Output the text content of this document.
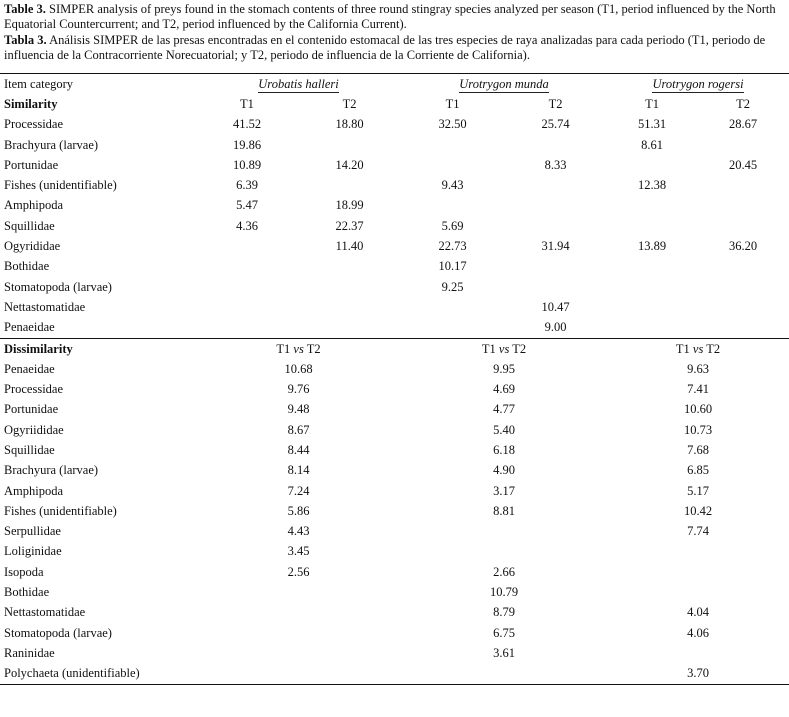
Table 3. SIMPER analysis of preys found in the stomach contents of three round stingray species analyzed per season (T1, period influenced by the North Equatorial Countercurrent; and T2, period influenced by the California Current).

Tabla 3. Análisis SIMPER de las presas encontradas en el contenido estomacal de las tres especies de raya analizadas para cada periodo (T1, periodo de influencia de la Contracorriente Norecuatorial; y T2, periodo de influencia de la Corriente de California).

Item category	Urobatis halleri		Urotrygon munda		Urotrygon rogersi	
Similarity	T1	T2	T1	T2	T1	T2
Processidae	41.52	18.80	32.50	25.74	51.31	28.67
Brachyura (larvae)	19.86				8.61	
Portunidae	10.89	14.20		8.33		20.45
Fishes (unidentifiable)	6.39		9.43		12.38	
Amphipoda	5.47	18.99				
Squillidae	4.36	22.37	5.69			
Ogyrididae		11.40	22.73	31.94	13.89	36.20
Bothidae			10.17			
Stomatopoda (larvae)			9.25			
Nettastomatidae				10.47		
Penaeidae				9.00		
Dissimilarity	T1 vs T2		T1 vs T2		T1 vs T2	
Penaeidae	10.68		9.95		9.63	
Processidae	9.76		4.69		7.41	
Portunidae	9.48		4.77		10.60	
Ogyriididae	8.67		5.40		10.73	
Squillidae	8.44		6.18		7.68	
Brachyura (larvae)	8.14		4.90		6.85	
Amphipoda	7.24		3.17		5.17	
Fishes (unidentifiable)	5.86		8.81		10.42	
Serpullidae	4.43				7.74	
Loliginidae	3.45					
Isopoda	2.56		2.66			
Bothidae			10.79			
Nettastomatidae			8.79		4.04	
Stomatopoda (larvae)			6.75		4.06	
Raninidae			3.61			
Polychaeta (unidentifiable)					3.70	
